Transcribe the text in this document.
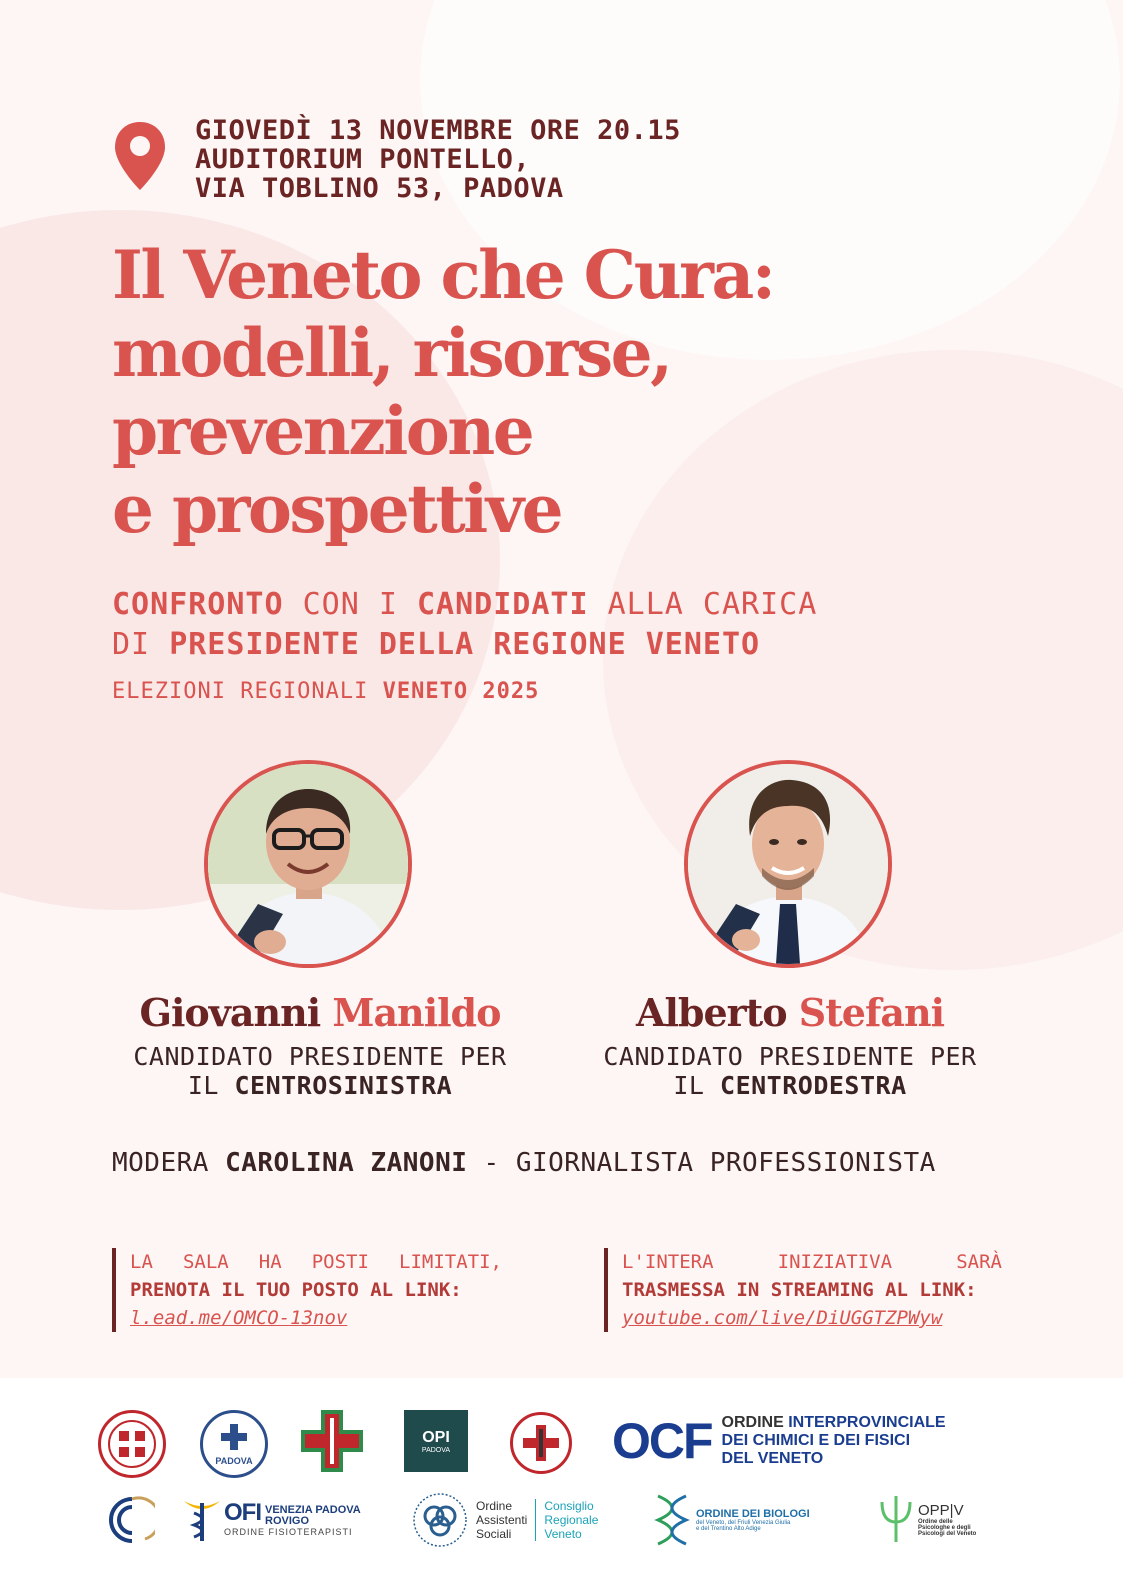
GIOVEDÌ 13 NOVEMBRE ORE 20.15
AUDITORIUM PONTELLO,
VIA TOBLINO 53, PADOVA
Il Veneto che Cura:
modelli, risorse,
prevenzione
e prospettive
CONFRONTO CON I CANDIDATI ALLA CARICA
DI PRESIDENTE DELLA REGIONE VENETO
ELEZIONI REGIONALI VENETO 2025
Giovanni Manildo
CANDIDATO PRESIDENTE PER
IL CENTROSINISTRA
Alberto Stefani
CANDIDATO PRESIDENTE PER
IL CENTRODESTRA
MODERA CAROLINA ZANONI - GIORNALISTA PROFESSIONISTA
LA SALA HA POSTI LIMITATI,
PRENOTA IL TUO POSTO AL LINK:
l.ead.me/OMCO-13nov
L'INTERA	INIZIATIVA	SARÀ
TRASMESSA IN STREAMING AL LINK:
youtube.com/live/DiUGGTZPWyw
PADOVA
OPI
PADOVA	OCF ORDINE INTERPROVINCIALE
DEI CHIMICI E DEI FISICI
DEL VENETO
OFI VENEZIA PADOVA
ROVIGO
ORDINE FISIOTERAPISTI
Ordine
Assistenti
Sociali
Consiglio
Regionale
Veneto
ORDINE DEI BIOLOGI
del Veneto, del Friuli Venezia Giulia
e del Trentino Alto Adige
OPP|V
Ordine delle
Psicologhe e degli
Psicologi del Veneto
